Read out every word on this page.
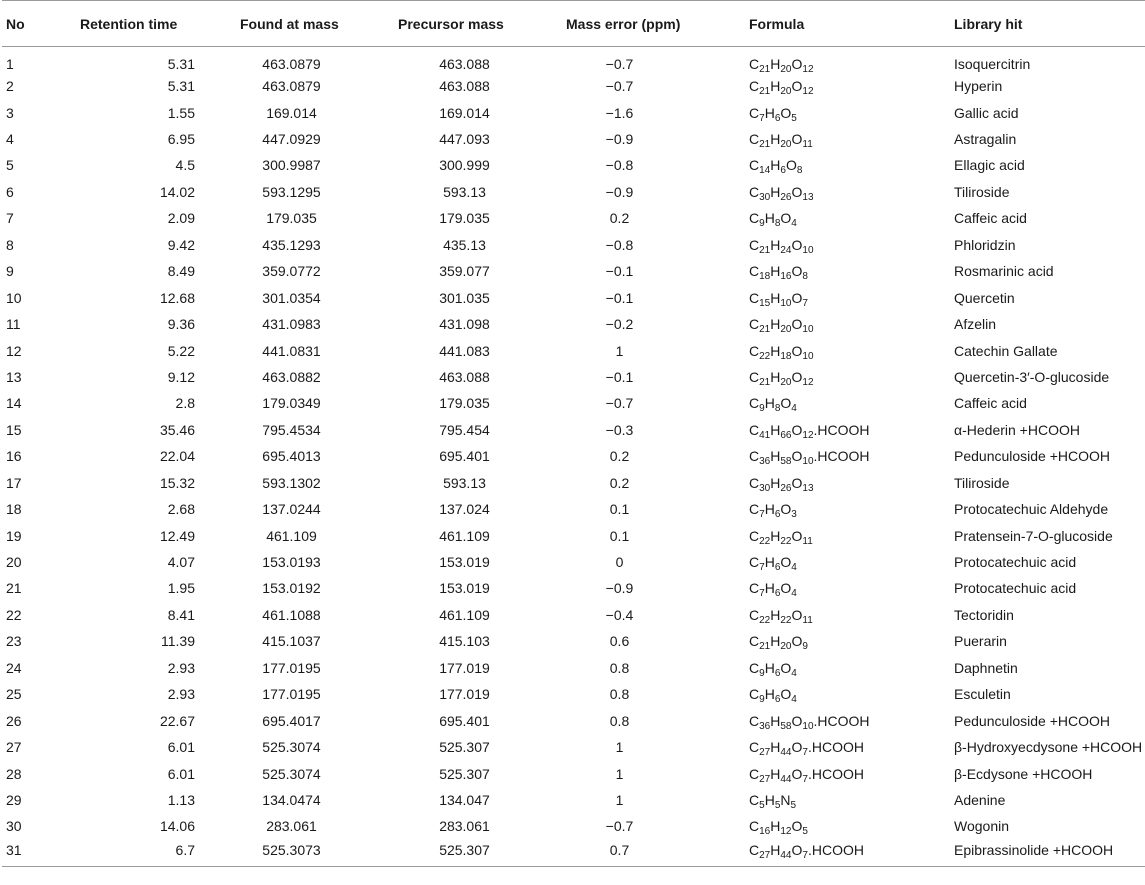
No	Retention time	Found at mass	Precursor mass	Mass error (ppm)	Formula	Library hit
1	5.31	463.0879	463.088	−0.7	$C_{21}H_{20}O_{12}$	Isoquercitrin
2	5.31	463.0879	463.088	−0.7	$C_{21}H_{20}O_{12}$	Hyperin
3	1.55	169.014	169.014	−1.6	$C_7H_6O_5$	Gallic acid
4	6.95	447.0929	447.093	−0.9	$C_{21}H_{20}O_{11}$	Astragalin
5	4.5	300.9987	300.999	−0.8	$C_{14}H_6O_8$	Ellagic acid
6	14.02	593.1295	593.13	−0.9	$C_{30}H_{26}O_{13}$	Tiliroside
7	2.09	179.035	179.035	0.2	$C_9H_8O_4$	Caffeic acid
8	9.42	435.1293	435.13	−0.8	$C_{21}H_{24}O_{10}$	Phloridzin
9	8.49	359.0772	359.077	−0.1	$C_{18}H_{16}O_8$	Rosmarinic acid
10	12.68	301.0354	301.035	−0.1	$C_{15}H_{10}O_7$	Quercetin
11	9.36	431.0983	431.098	−0.2	$C_{21}H_{20}O_{10}$	Afzelin
12	5.22	441.0831	441.083	1	$C_{22}H_{18}O_{10}$	Catechin Gallate
13	9.12	463.0882	463.088	−0.1	$C_{21}H_{20}O_{12}$	Quercetin-3′-O-glucoside
14	2.8	179.0349	179.035	−0.7	$C_9H_8O_4$	Caffeic acid
15	35.46	795.4534	795.454	−0.3	$C_{41}H_{66}O_{12}.HCOOH$	α-Hederin +HCOOH
16	22.04	695.4013	695.401	0.2	$C_{36}H_{58}O_{10}.HCOOH$	Pedunculoside +HCOOH
17	15.32	593.1302	593.13	0.2	$C_{30}H_{26}O_{13}$	Tiliroside
18	2.68	137.0244	137.024	0.1	$C_7H_6O_3$	Protocatechuic Aldehyde
19	12.49	461.109	461.109	0.1	$C_{22}H_{22}O_{11}$	Pratensein-7-O-glucoside
20	4.07	153.0193	153.019	0	$C_7H_6O_4$	Protocatechuic acid
21	1.95	153.0192	153.019	−0.9	$C_7H_6O_4$	Protocatechuic acid
22	8.41	461.1088	461.109	−0.4	$C_{22}H_{22}O_{11}$	Tectoridin
23	11.39	415.1037	415.103	0.6	$C_{21}H_{20}O_9$	Puerarin
24	2.93	177.0195	177.019	0.8	$C_9H_6O_4$	Daphnetin
25	2.93	177.0195	177.019	0.8	$C_9H_6O_4$	Esculetin
26	22.67	695.4017	695.401	0.8	$C_{36}H_{58}O_{10}.HCOOH$	Pedunculoside +HCOOH
27	6.01	525.3074	525.307	1	$C_{27}H_{44}O_7.HCOOH$	β-Hydroxyecdysone +HCOOH
28	6.01	525.3074	525.307	1	$C_{27}H_{44}O_7.HCOOH$	β-Ecdysone +HCOOH
29	1.13	134.0474	134.047	1	$C_5H_5N_5$	Adenine
30	14.06	283.061	283.061	−0.7	$C_{16}H_{12}O_5$	Wogonin
31	6.7	525.3073	525.307	0.7	$C_{27}H_{44}O_7.HCOOH$	Epibrassinolide +HCOOH
